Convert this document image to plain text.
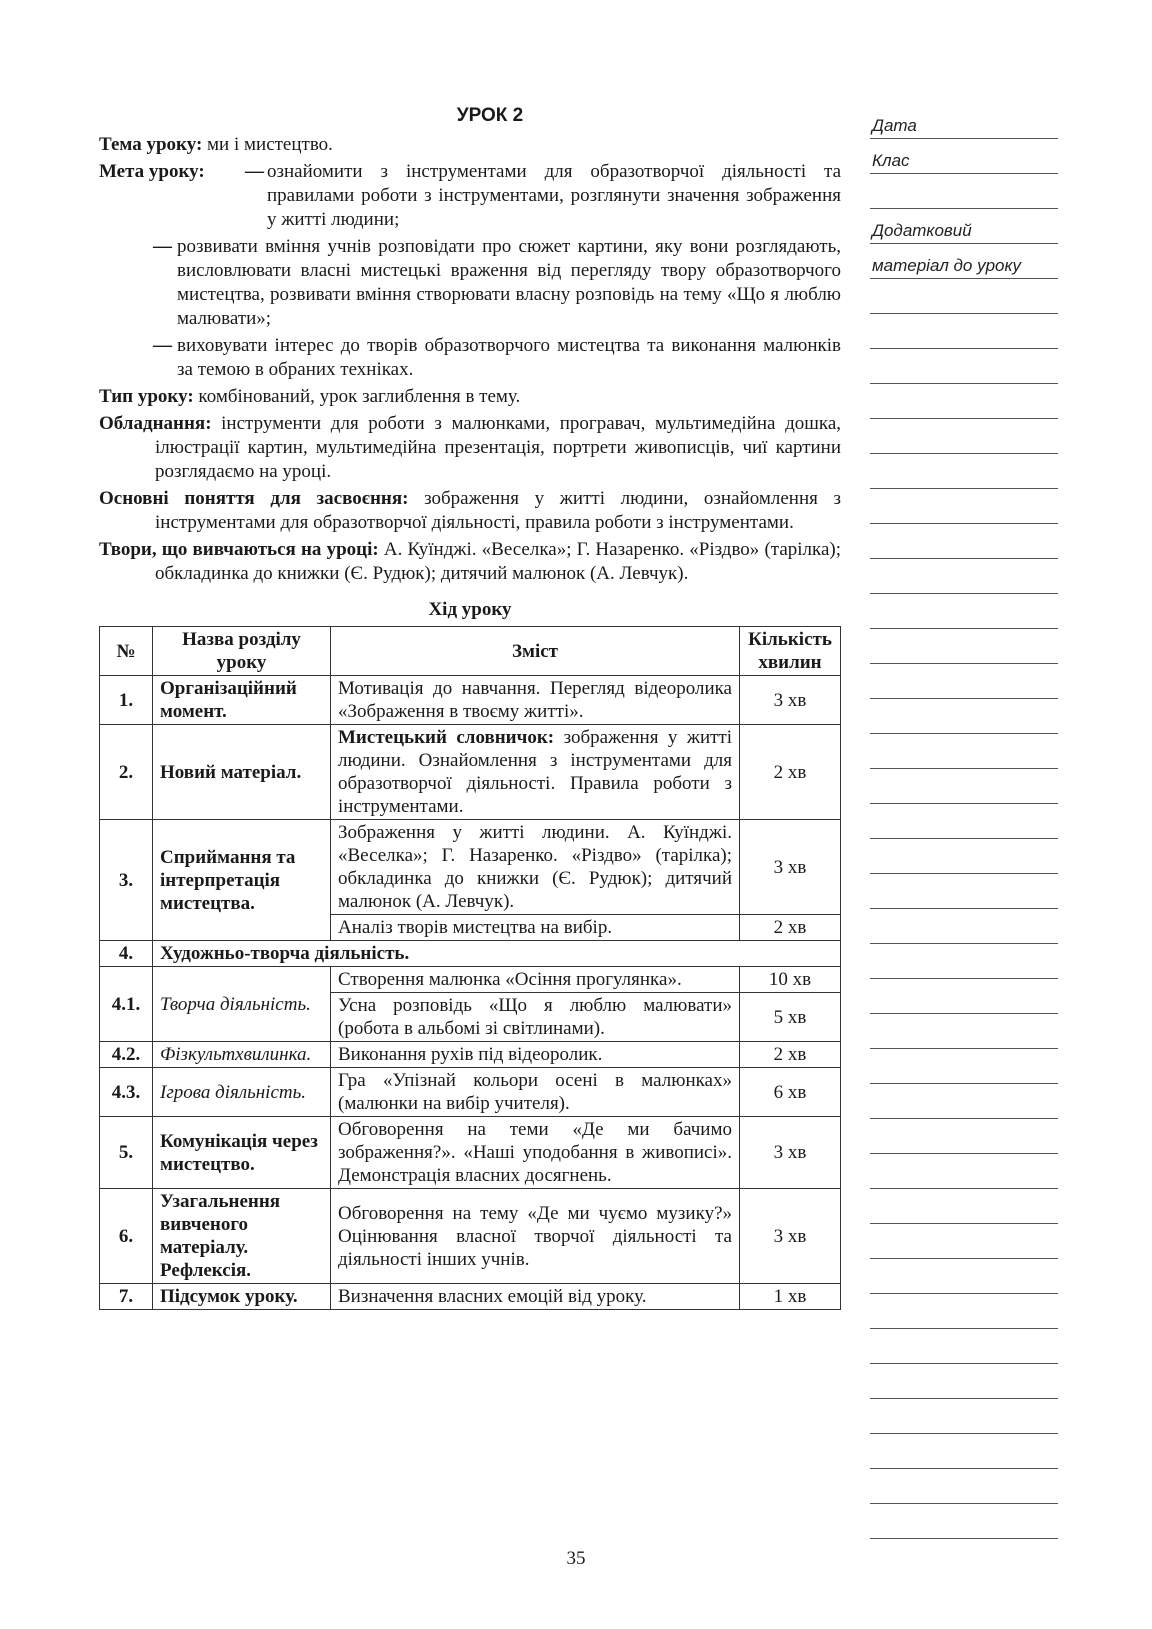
УРОК 2
Тема уроку: ми і мистецтво.
Мета уроку:	— ознайомити з інструментами для образотворчої діяльності та правилами роботи з інструментами, розглянути значення зображення у житті людини;
— розвивати вміння учнів розповідати про сюжет картини, яку вони розглядають, висловлювати власні мистецькі враження від перегляду твору образотворчого мистецтва, розвивати вміння створювати власну розповідь на тему «Що я люблю малювати»;
— виховувати інтерес до творів образотворчого мистецтва та виконання малюнків за темою в обраних техніках.
Тип уроку: комбінований, урок заглиблення в тему.
Обладнання: інструменти для роботи з малюнками, програвач, мультимедійна дошка, ілюстрації картин, мультимедійна презентація, портрети живописців, чиї картини розглядаємо на уроці.
Основні поняття для засвоєння: зображення у житті людини, ознайомлення з інструментами для образотворчої діяльності, правила роботи з інструментами.
Твори, що вивчаються на уроці: А. Куїнджі. «Веселка»; Г. Назаренко. «Різдво» (тарілка); обкладинка до книжки (Є. Рудюк); дитячий малюнок (А. Левчук).
Хід уроку
№	Назва розділу уроку	Зміст	Кількість хвилин
1.	Організаційний момент.	Мотивація до навчання. Перегляд відеоролика «Зображення в твоєму житті».	3 хв
2.	Новий матеріал.	Мистецький словничок: зображення у житті людини. Ознайомлення з інструментами для образотворчої діяльності. Правила роботи з інструментами.	2 хв
3.	Сприймання та інтерпретація мистецтва.	Зображення у житті людини. А. Куїнджі. «Веселка»; Г. Назаренко. «Різдво» (тарілка); обкладинка до книжки (Є. Рудюк); дитячий малюнок (А. Левчук).	3 хв
		Аналіз творів мистецтва на вибір.	2 хв
4.	Художньо-творча діяльність.		
4.1.	Творча діяльність.	Створення малюнка «Осіння прогулянка».	10 хв
		Усна розповідь «Що я люблю малювати» (робота в альбомі зі світлинами).	5 хв
4.2.	Фізкультхвилинка.	Виконання рухів під відеоролик.	2 хв
4.3.	Ігрова діяльність.	Гра «Упізнай кольори осені в малюнках» (малюнки на вибір учителя).	6 хв
5.	Комунікація через мистецтво.	Обговорення на теми «Де ми бачимо зображення?». «Наші уподобання в живописі». Демонстрація власних досягнень.	3 хв
6.	Узагальнення вивченого матеріалу. Рефлексія.	Обговорення на тему «Де ми чуємо музику?» Оцінювання власної творчої діяльності та діяльності інших учнів.	3 хв
7.	Підсумок уроку.	Визначення власних емоцій від уроку.	1 хв
Дата
Клас
Додатковий
матеріал до уроку
35
